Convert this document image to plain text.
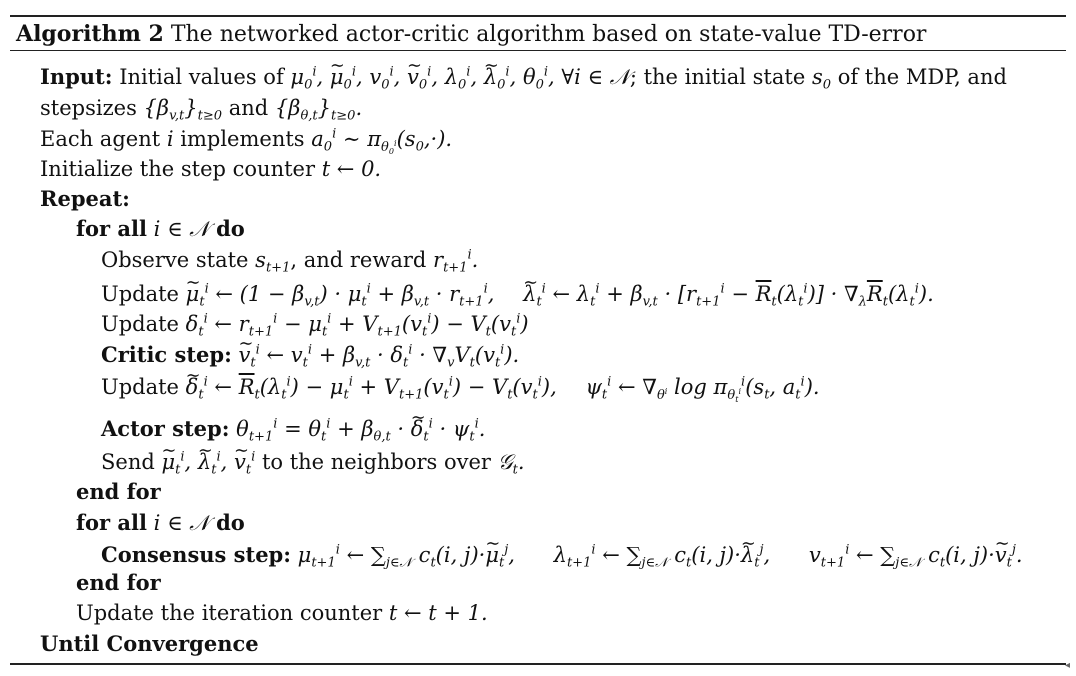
Algorithm 2 The networked actor-critic algorithm based on state-value TD-error
Input: Initial values of $\mu_0^i$, ∼ $\mu_0^i$, $v_0^i$, ∼ $v_0^i$, $\lambda_0^i$, ∼ $\lambda_0^i$, $\theta_0^i$, ∀i ∈ 𝒩; the initial state $s_0$ of the MDP, and
stepsizes $\{\beta_{v,t}\}_{t\ge 0}$ and $\{\beta_{\theta,t}\}_{t\ge 0}$.
Each agent i implements $a_0^i$ ∼ $\pi_{\theta_0^i}(s_0,\cdot)$.
Initialize the step counter t ← 0.
Repeat:
for all i ∈ 𝒩 do
Observe state $s_{t+1}$, and reward $r_{t+1}^i$.
Update ∼ $\mu_t^i$ ← $(1 - \beta_{v,t}) \cdot \mu_t^i + \beta_{v,t} \cdot r_{t+1}^i$, ∼ $\lambda_t^i$ ← $\lambda_t^i + \beta_{v,t} \cdot [r_{t+1}^i - \overline{R}_t(\lambda_t^i)] \cdot \nabla_\lambda\overline{R}_t(\lambda_t^i)$.
Update $\delta_t^i$ ← $r_{t+1}^i - \mu_t^i + V_{t+1}(v_t^i) - V_t(v_t^i)$
Critic step: ∼ $v_t^i$ ← $v_t^i + \beta_{v,t} \cdot \delta_t^i \cdot \nabla_vV_t(v_t^i)$.
Update ∼ $\delta_t^i$ ← $\overline{R}_t(\lambda_t^i) - \mu_t^i + V_{t+1}(v_t^i) - V_t(v_t^i)$, $\psi_t^i$ ← $\nabla_{\theta^i}$ $\log \pi_{\theta_t^i}^i(s_t$, $a_t^i$).
Actor step: $\theta_{t+1}^i = \theta_t^i + \beta_{\theta,t}$ · ∼ $\delta_t^i \cdot \psi_t^i$.
Send ∼ $\mu_t^i$, ∼ $\lambda_t^i$, ∼ $v_t^i$ to the neighbors over 𝒢$_t$.
end for
for all i ∈ 𝒩 do
Consensus step: $\mu_{t+1}^i$ ← $\sum_{j\in 𝒩}$ $c_t(i$, j)·∼ $\mu_t^j$, $\lambda_{t+1}^i$ ← $\sum_{j\in 𝒩}$ $c_t(i$, j)·∼ $\lambda_t^j$, $v_{t+1}^i$ ← $\sum_{j\in 𝒩}$ $c_t(i$, j)·∼ $v_t^j$.
end for
Update the iteration counter t ← t + 1.
Until Convergence
◂
